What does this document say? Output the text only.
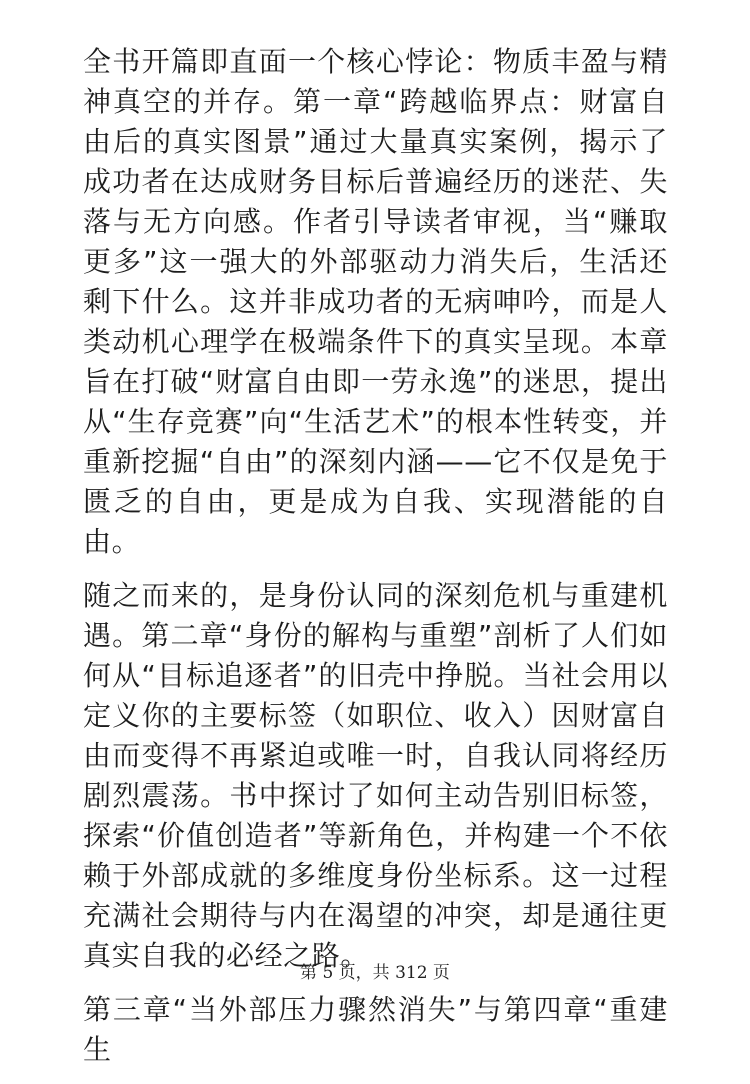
全书开篇即直面一个核心悖论：物质丰盈与精神真空的并存。第一章“跨越临界点：财富自由后的真实图景”通过大量真实案例，揭示了成功者在达成财务目标后普遍经历的迷茫、失落与无方向感。作者引导读者审视，当“赚取更多”这一强大的外部驱动力消失后，生活还剩下什么。这并非成功者的无病呻吟，而是人类动机心理学在极端条件下的真实呈现。本章旨在打破“财富自由即一劳永逸”的迷思，提出从“生存竞赛”向“生活艺术”的根本性转变，并重新挖掘“自由”的深刻内涵——它不仅是免于匮乏的自由，更是成为自我、实现潜能的自由。

随之而来的，是身份认同的深刻危机与重建机遇。第二章“身份的解构与重塑”剖析了人们如何从“目标追逐者”的旧壳中挣脱。当社会用以定义你的主要标签（如职位、收入）因财富自由而变得不再紧迫或唯一时，自我认同将经历剧烈震荡。书中探讨了如何主动告别旧标签，探索“价值创造者”等新角色，并构建一个不依赖于外部成就的多维度身份坐标系。这一过程充满社会期待与内在渴望的冲突，却是通往更真实自我的必经之路。

第三章“当外部压力骤然消失”与第四章“重建生

第 5 页，共 312 页
